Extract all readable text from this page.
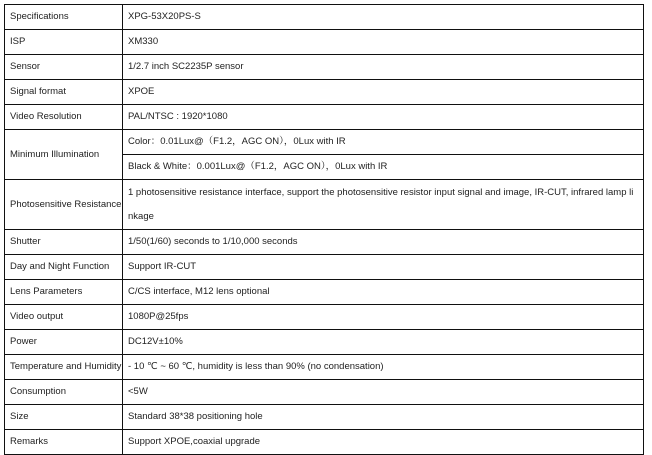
Specifications	XPG-53X20PS-S
ISP	XM330
Sensor	1/2.7 inch SC2235P sensor
Signal format	XPOE
Video Resolution	PAL/NTSC : 1920*1080
Minimum Illumination	Color：0.01Lux@（F1.2，AGC ON），0Lux with IR
	Black & White：0.001Lux@（F1.2，AGC ON），0Lux with IR
Photosensitive Resistance	1 photosensitive resistance interface, support the photosensitive resistor input signal and image, IR-CUT, infrared lamp linkage
Shutter	1/50(1/60) seconds to 1/10,000 seconds
Day and Night Function	Support IR-CUT
Lens Parameters	C/CS interface, M12 lens optional
Video output	1080P@25fps
Power	DC12V±10%
Temperature and Humidity	- 10 ℃ ~ 60 ℃, humidity is less than 90% (no condensation)
Consumption	<5W
Size	Standard 38*38 positioning hole
Remarks	Support XPOE,coaxial upgrade
